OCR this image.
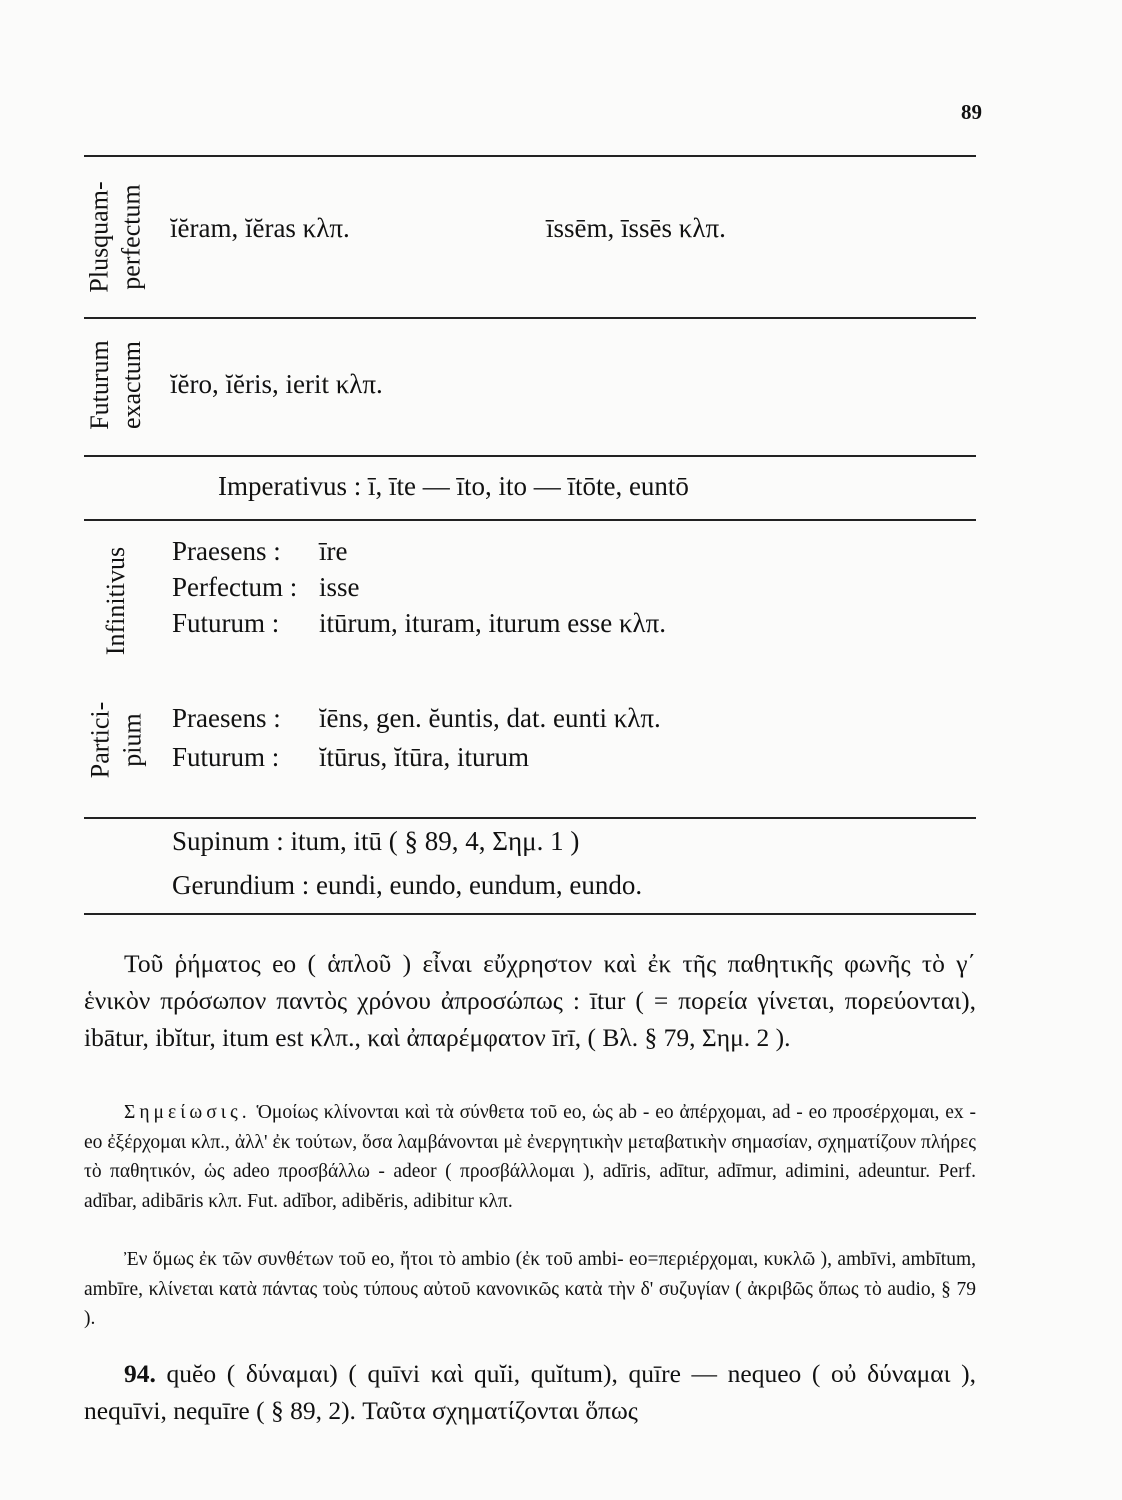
89
Plusquam- perfectum ĭĕram, ĭĕras κλπ.	īssēm, īssēs κλπ.
Futurum exactum ĭĕro, ĭĕris, ierit κλπ.
Imperativus : ī, īte — īto, ito — ītōte, euntō
Infinitivus Praesens : īre
Perfectum : isse
Futurum : itūrum, ituram, iturum esse κλπ.
Partici- pium Praesens : ĭēns, gen. ĕuntis, dat. eunti κλπ.
Futurum : ĭtūrus, ĭtūra, iturum
Supinum : itum, itū ( § 89, 4, Σημ. 1 )
Gerundium : eundi, eundo, eundum, eundo.
Τοῦ ῥήματος eo ( ἁπλοῦ ) εἶναι εὔχρηστον καὶ ἐκ τῆς παθητικῆς φωνῆς τὸ γ΄ ἑνικὸν πρόσωπον παντὸς χρόνου ἀπροσώπως : ītur ( = πορεία γίνεται, πορεύονται), ibātur, ibĭtur, itum est κλπ., καὶ ἀπαρέμφατον īrī, ( Βλ. § 79, Σημ. 2 ).
Σημείωσις. Ὁμοίως κλίνονται καὶ τὰ σύνθετα τοῦ eo, ὡς ab - eo ἀπέρχομαι, ad - eo προσέρχομαι, ex - eo ἐξέρχομαι κλπ., ἀλλ' ἐκ τούτων, ὅσα λαμβάνονται μὲ ἐνεργητικὴν μεταβατικὴν σημασίαν, σχηματίζουν πλήρες τὸ παθητικόν, ὡς adeo προσβάλλω - adeor ( προσβάλλομαι ), adīris, adītur, adīmur, adimini, adeuntur. Perf. adībar, adibāris κλπ. Fut. adībor, adibĕris, adibitur κλπ.
Ἐν ὅμως ἐκ τῶν συνθέτων τοῦ eo, ἤτοι τὸ ambio (ἐκ τοῦ ambi- eo=περιέρχομαι, κυκλῶ ), ambīvi, ambītum, ambīre, κλίνεται κατὰ πάντας τοὺς τύπους αὐτοῦ κανονικῶς κατὰ τὴν δ' συζυγίαν ( ἀκριβῶς ὅπως τὸ audio, § 79 ).
94. quĕo ( δύναμαι) ( quīvi καὶ quĭi, quĭtum), quīre — nequeo ( οὐ δύναμαι ), nequīvi, nequīre ( § 89, 2). Ταῦτα σχηματίζονται ὅπως
